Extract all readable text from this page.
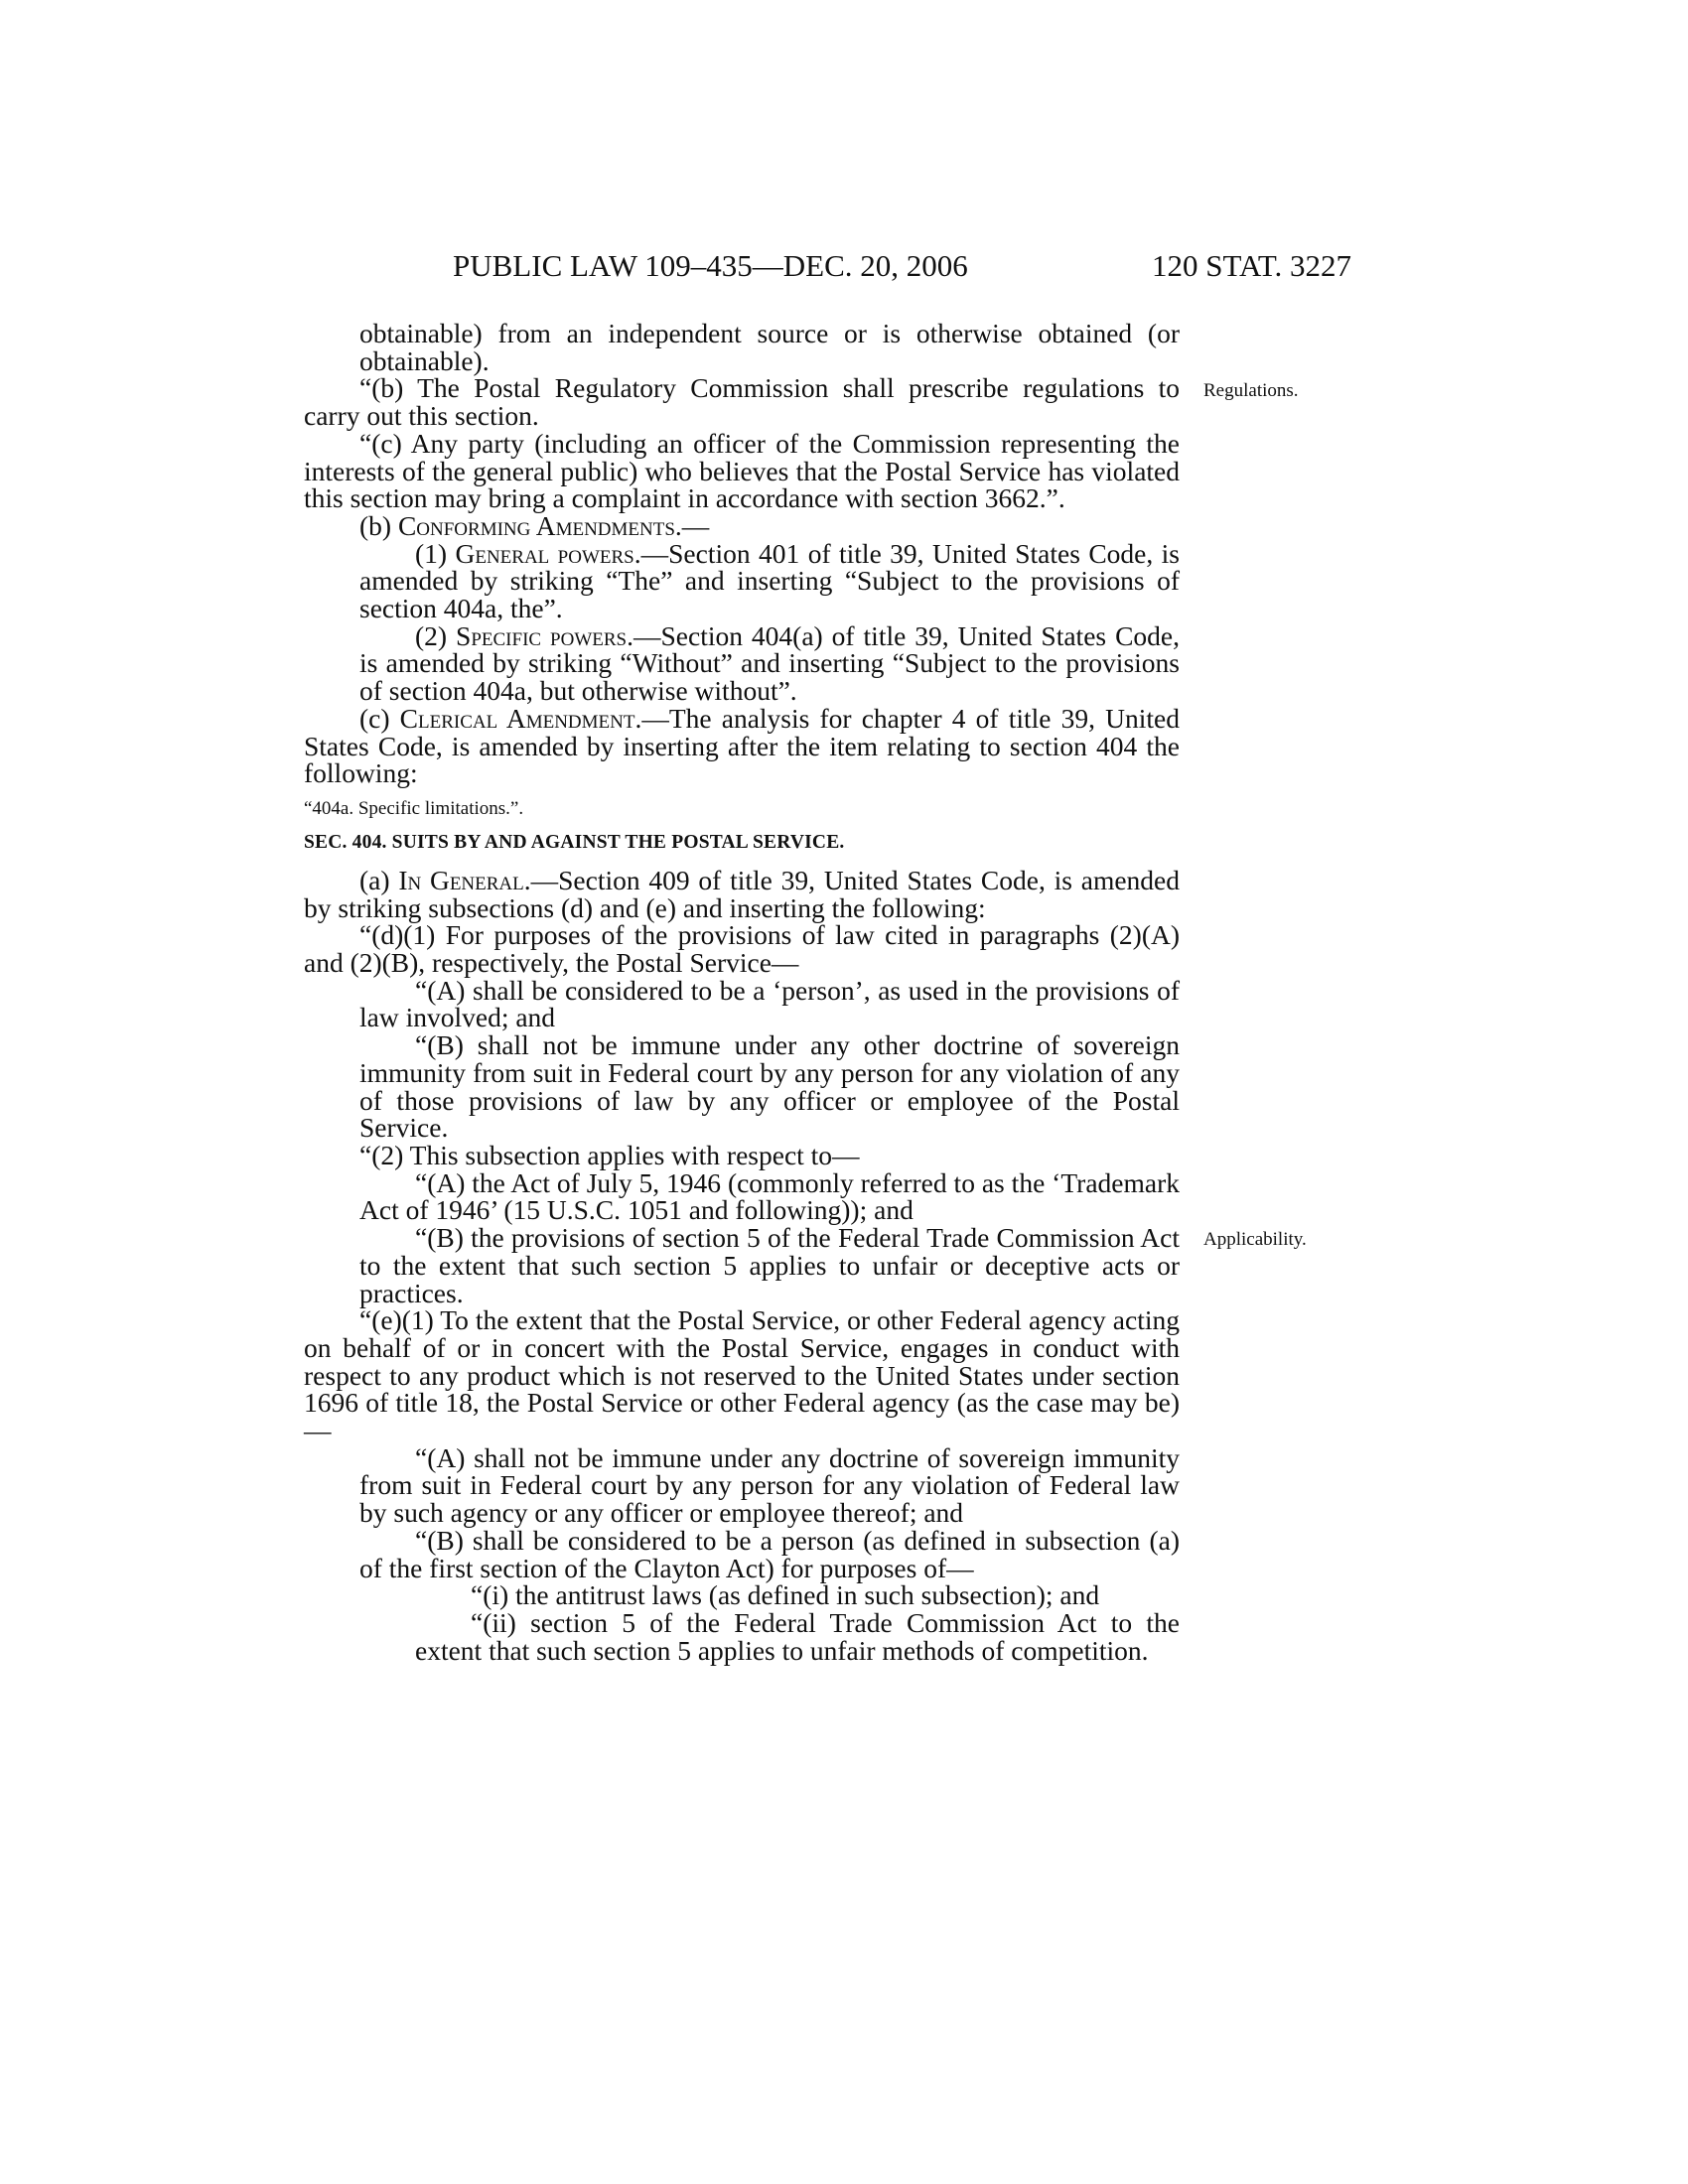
PUBLIC LAW 109–435—DEC. 20, 2006	120 STAT. 3227
Regulations.
Applicability.

obtainable) from an independent source or is otherwise obtained (or obtainable).

“(b) The Postal Regulatory Commission shall prescribe regulations to carry out this section.

“(c) Any party (including an officer of the Commission representing the interests of the general public) who believes that the Postal Service has violated this section may bring a complaint in accordance with section 3662.”.

(b) Conforming Amendments.—

(1) General powers.—Section 401 of title 39, United States Code, is amended by striking “The” and inserting “Subject to the provisions of section 404a, the”.

(2) Specific powers.—Section 404(a) of title 39, United States Code, is amended by striking “Without” and inserting “Subject to the provisions of section 404a, but otherwise without”.

(c) Clerical Amendment.—The analysis for chapter 4 of title 39, United States Code, is amended by inserting after the item relating to section 404 the following:

“404a. Specific limitations.”.

SEC. 404. SUITS BY AND AGAINST THE POSTAL SERVICE.

(a) In General.—Section 409 of title 39, United States Code, is amended by striking subsections (d) and (e) and inserting the following:

“(d)(1) For purposes of the provisions of law cited in paragraphs (2)(A) and (2)(B), respectively, the Postal Service—

“(A) shall be considered to be a ‘person’, as used in the provisions of law involved; and

“(B) shall not be immune under any other doctrine of sovereign immunity from suit in Federal court by any person for any violation of any of those provisions of law by any officer or employee of the Postal Service.

“(2) This subsection applies with respect to—

“(A) the Act of July 5, 1946 (commonly referred to as the ‘Trademark Act of 1946’ (15 U.S.C. 1051 and following)); and

“(B) the provisions of section 5 of the Federal Trade Commission Act to the extent that such section 5 applies to unfair or deceptive acts or practices.

“(e)(1) To the extent that the Postal Service, or other Federal agency acting on behalf of or in concert with the Postal Service, engages in conduct with respect to any product which is not reserved to the United States under section 1696 of title 18, the Postal Service or other Federal agency (as the case may be)—

“(A) shall not be immune under any doctrine of sovereign immunity from suit in Federal court by any person for any violation of Federal law by such agency or any officer or employee thereof; and

“(B) shall be considered to be a person (as defined in subsection (a) of the first section of the Clayton Act) for purposes of—

“(i) the antitrust laws (as defined in such subsection); and

“(ii) section 5 of the Federal Trade Commission Act to the extent that such section 5 applies to unfair methods of competition.
